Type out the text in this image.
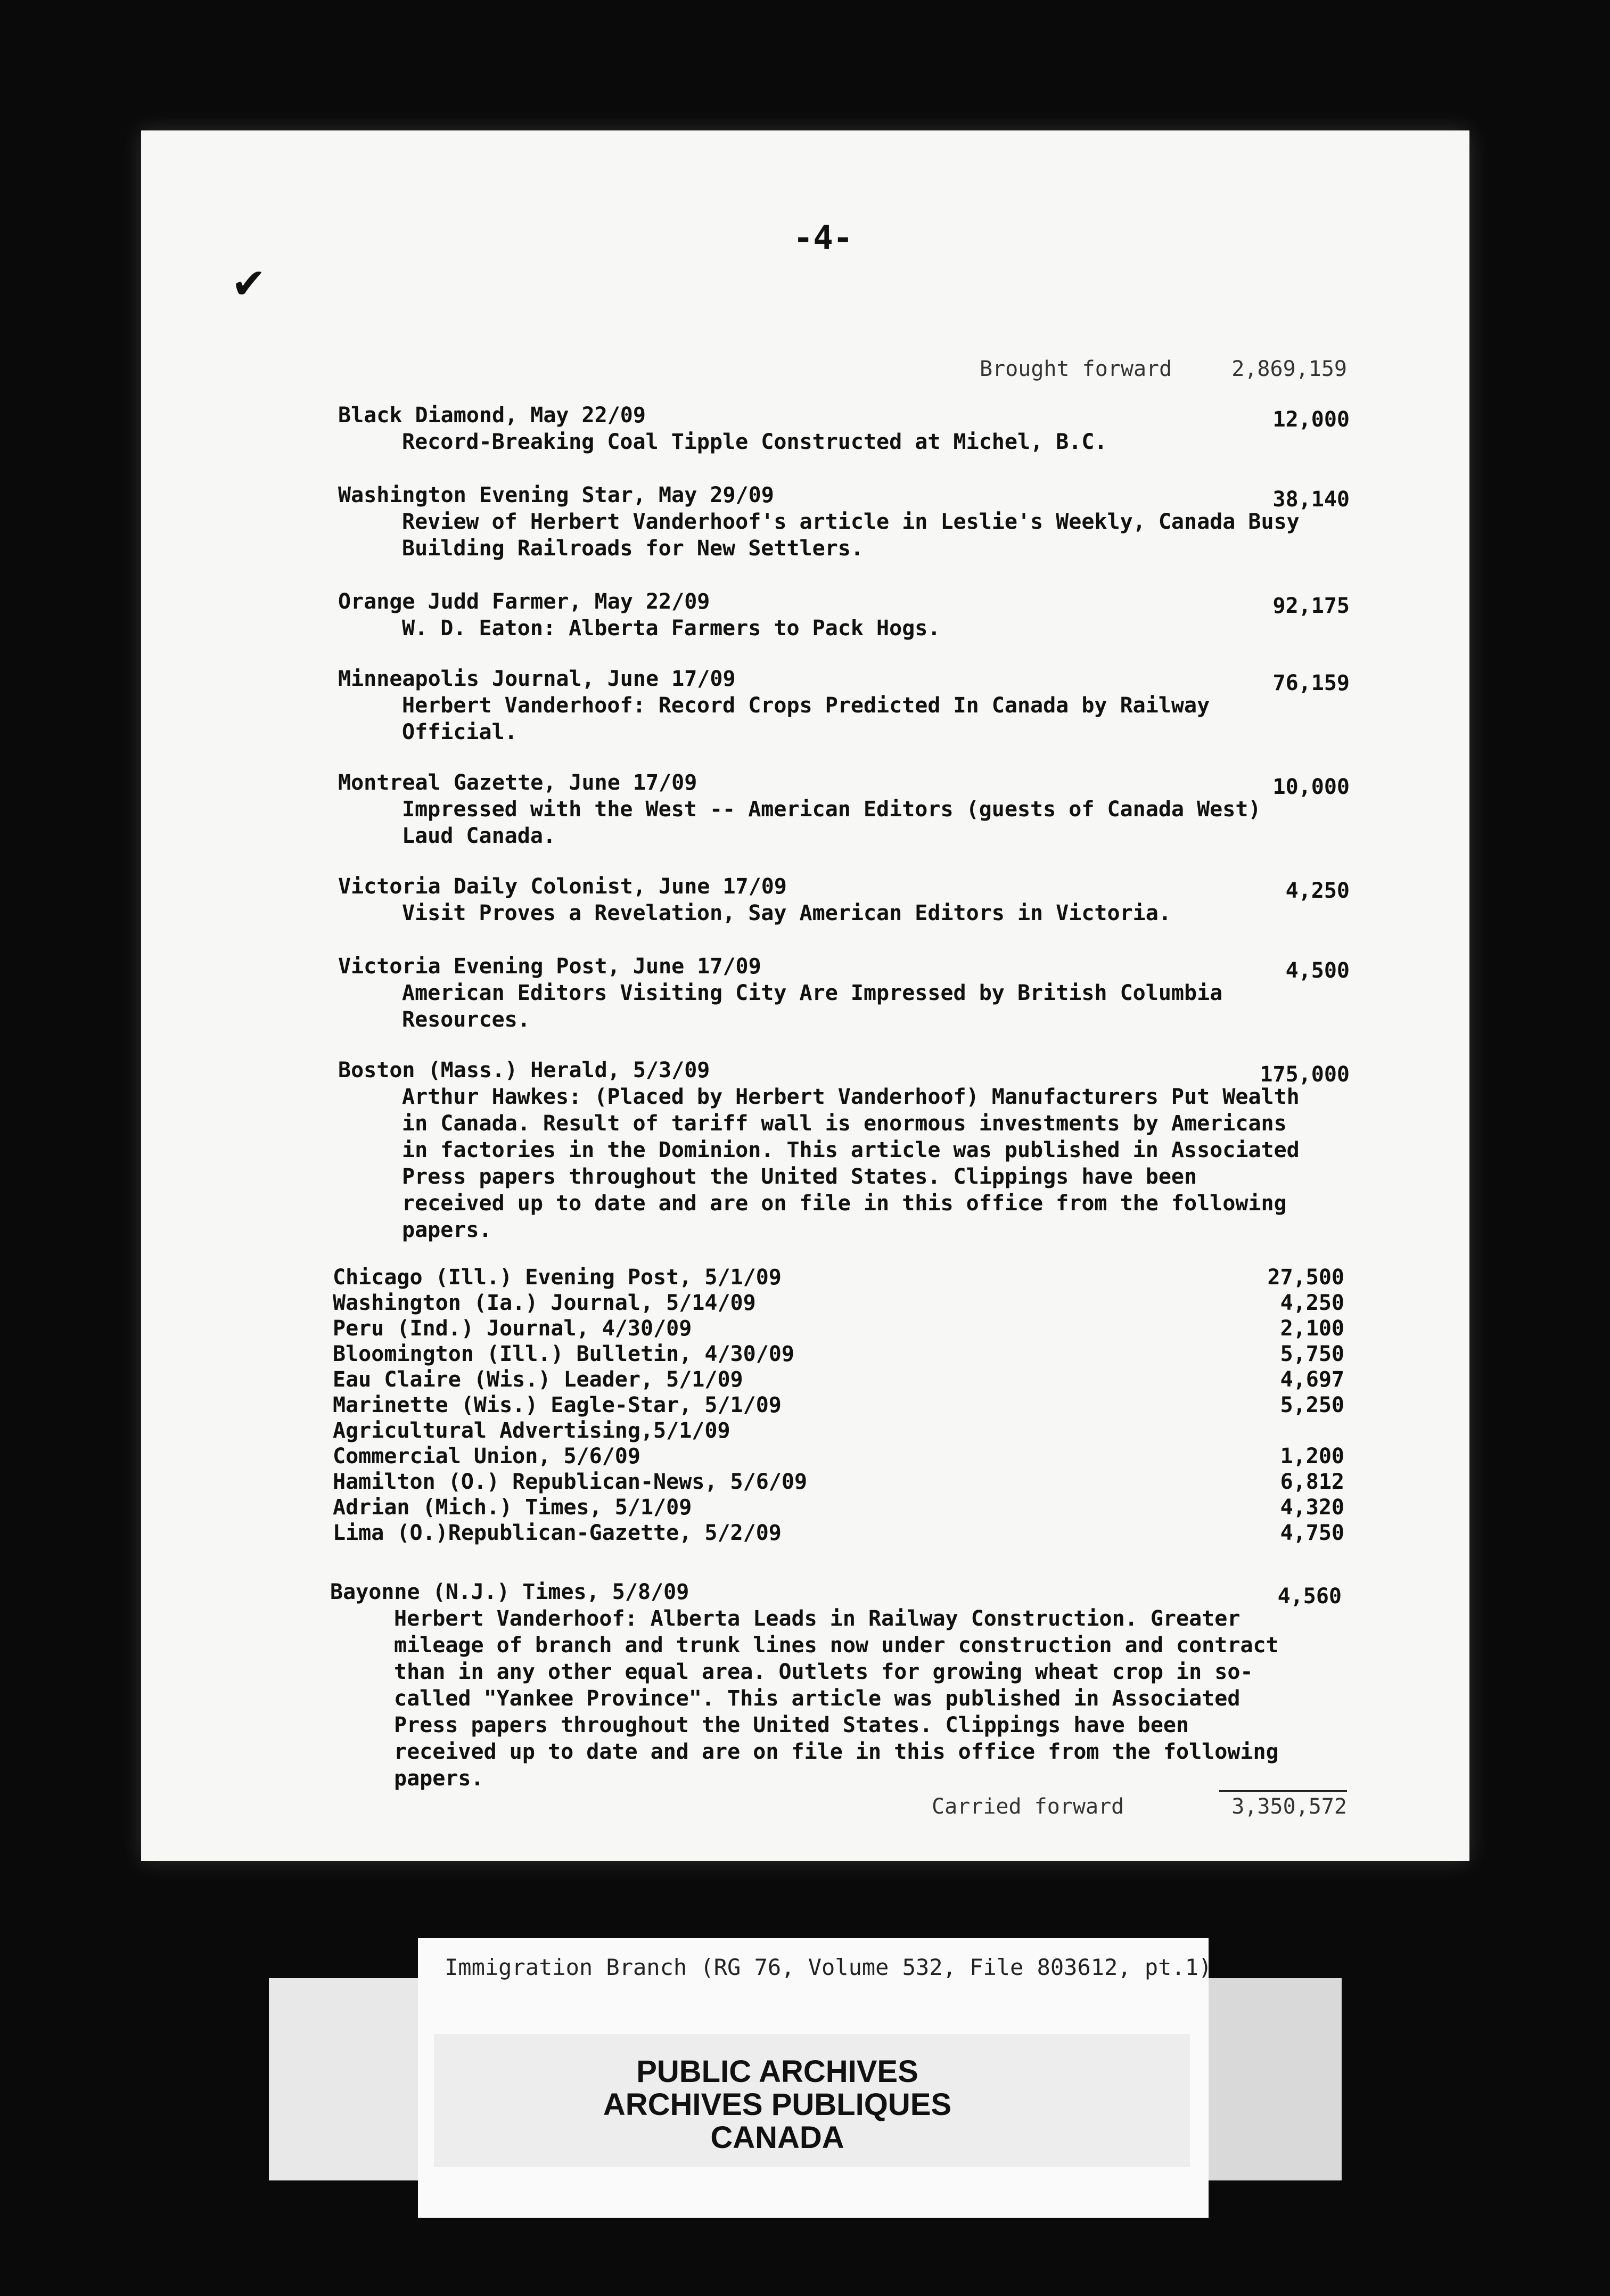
-4-
✔
Brought forward	2,869,159
Black Diamond, May 22/09
Record-Breaking Coal Tipple Constructed at Michel, B.C.
12,000
Washington Evening Star, May 29/09
Review of Herbert Vanderhoof's article in Leslie's Weekly, Canada Busy Building Railroads for New Settlers.
38,140
Orange Judd Farmer, May 22/09
W. D. Eaton: Alberta Farmers to Pack Hogs.
92,175
Minneapolis Journal, June 17/09
Herbert Vanderhoof: Record Crops Predicted In Canada by Railway Official.
76,159
Montreal Gazette, June 17/09
Impressed with the West -- American Editors (guests of Canada West) Laud Canada.
10,000
Victoria Daily Colonist, June 17/09
Visit Proves a Revelation, Say American Editors in Victoria.
4,250
Victoria Evening Post, June 17/09
American Editors Visiting City Are Impressed by British Columbia Resources.
4,500
Boston (Mass.) Herald, 5/3/09
Arthur Hawkes: (Placed by Herbert Vanderhoof) Manufacturers Put Wealth in Canada. Result of tariff wall is enormous investments by Americans in factories in the Dominion. This article was published in Associated Press papers throughout the United States. Clippings have been received up to date and are on file in this office from the following papers.
175,000
Chicago (Ill.) Evening Post, 5/1/09	27,500
Washington (Ia.) Journal, 5/14/09	4,250
Peru (Ind.) Journal, 4/30/09	2,100
Bloomington (Ill.) Bulletin, 4/30/09	5,750
Eau Claire (Wis.) Leader, 5/1/09	4,697
Marinette (Wis.) Eagle-Star, 5/1/09	5,250
Agricultural Advertising,5/1/09
Commercial Union, 5/6/09	1,200
Hamilton (O.) Republican-News, 5/6/09	6,812
Adrian (Mich.) Times, 5/1/09	4,320
Lima (O.)Republican-Gazette, 5/2/09	4,750
Bayonne (N.J.) Times, 5/8/09
Herbert Vanderhoof: Alberta Leads in Railway Construction. Greater mileage of branch and trunk lines now under construction and contract than in any other equal area. Outlets for growing wheat crop in so-called "Yankee Province". This article was published in Associated Press papers throughout the United States. Clippings have been received up to date and are on file in this office from the following papers.
4,560
Carried forward	3,350,572
Immigration Branch (RG 76, Volume 532, File 803612, pt.1)
PUBLIC ARCHIVES
ARCHIVES PUBLIQUES
CANADA
